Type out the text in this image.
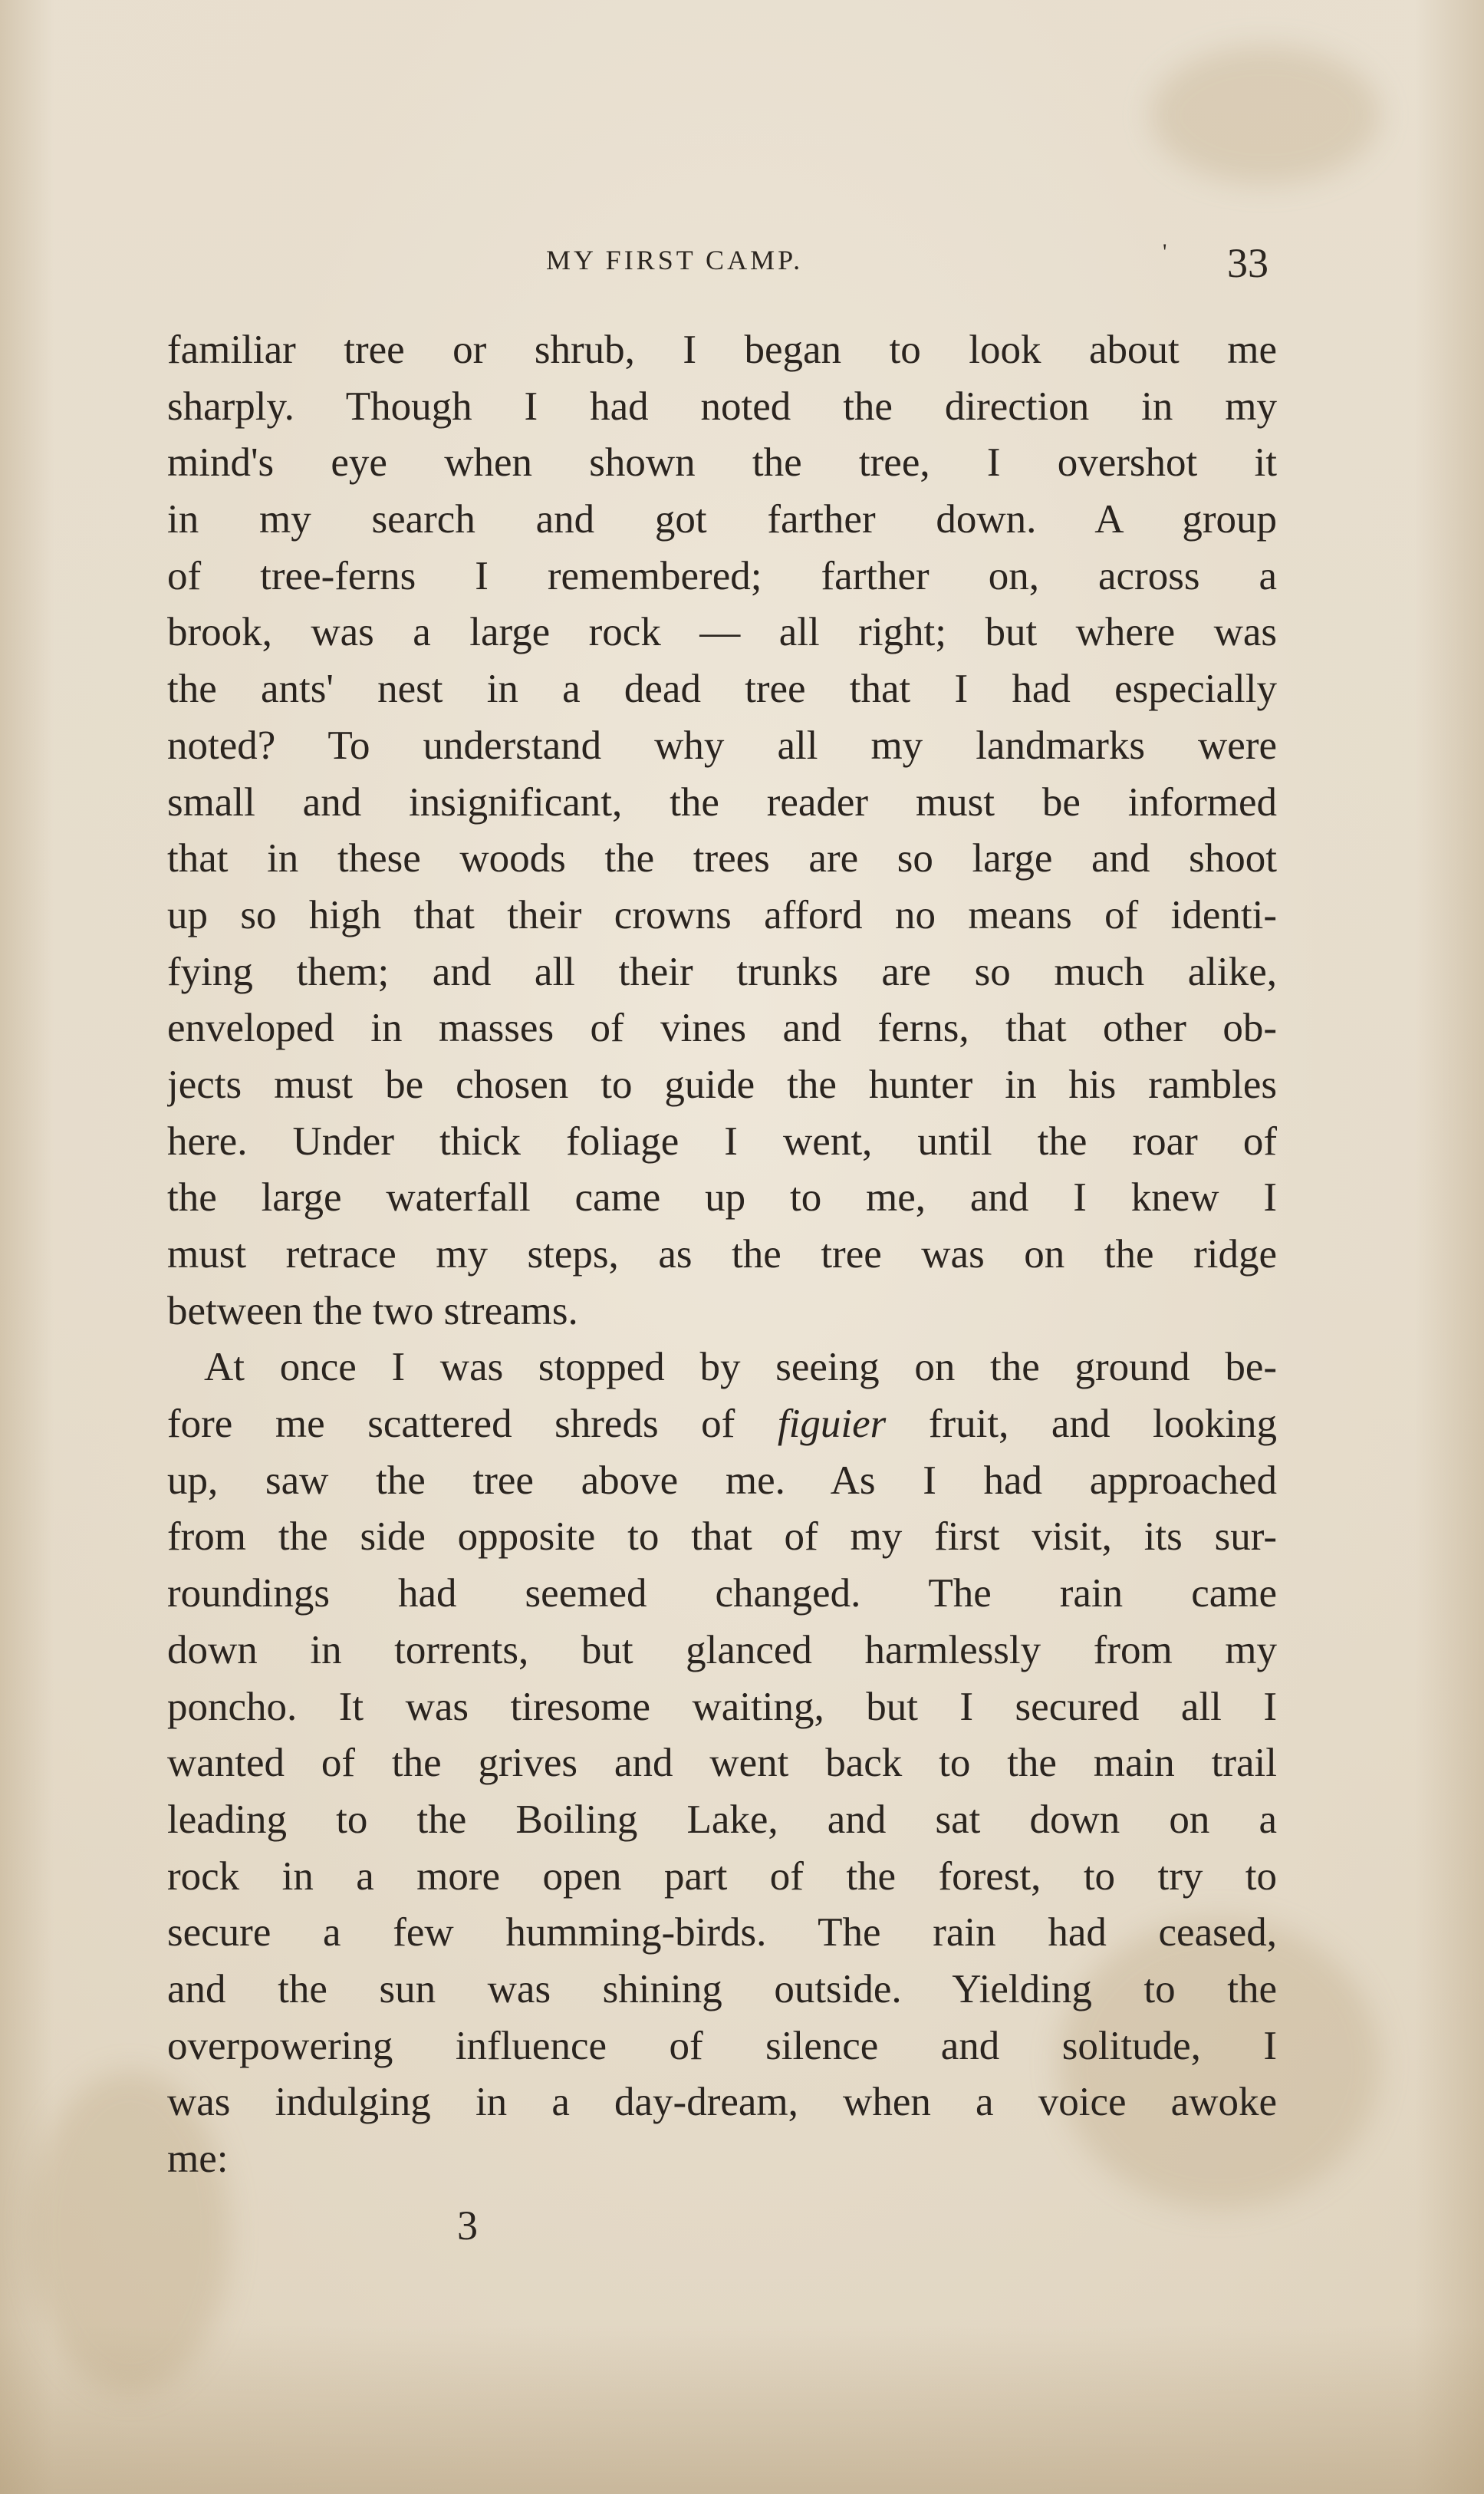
MY FIRST CAMP.	' 33
familiar tree or shrub, I began to look about me
sharply. Though I had noted the direction in my
mind's eye when shown the tree, I overshot it
in my search and got farther down. A group
of tree-ferns I remembered; farther on, across a
brook, was a large rock — all right; but where was
the ants' nest in a dead tree that I had especially
noted? To understand why all my landmarks were
small and insignificant, the reader must be informed
that in these woods the trees are so large and shoot
up so high that their crowns afford no means of identi-
fying them; and all their trunks are so much alike,
enveloped in masses of vines and ferns, that other ob-
jects must be chosen to guide the hunter in his rambles
here. Under thick foliage I went, until the roar of
the large waterfall came up to me, and I knew I
must retrace my steps, as the tree was on the ridge
between the two streams.
At once I was stopped by seeing on the ground be-
fore me scattered shreds of figuier fruit, and looking
up, saw the tree above me. As I had approached
from the side opposite to that of my first visit, its sur-
roundings had seemed changed. The rain came
down in torrents, but glanced harmlessly from my
poncho. It was tiresome waiting, but I secured all I
wanted of the grives and went back to the main trail
leading to the Boiling Lake, and sat down on a
rock in a more open part of the forest, to try to
secure a few humming-birds. The rain had ceased,
and the sun was shining outside. Yielding to the
overpowering influence of silence and solitude, I
was indulging in a day-dream, when a voice awoke
me:
3
